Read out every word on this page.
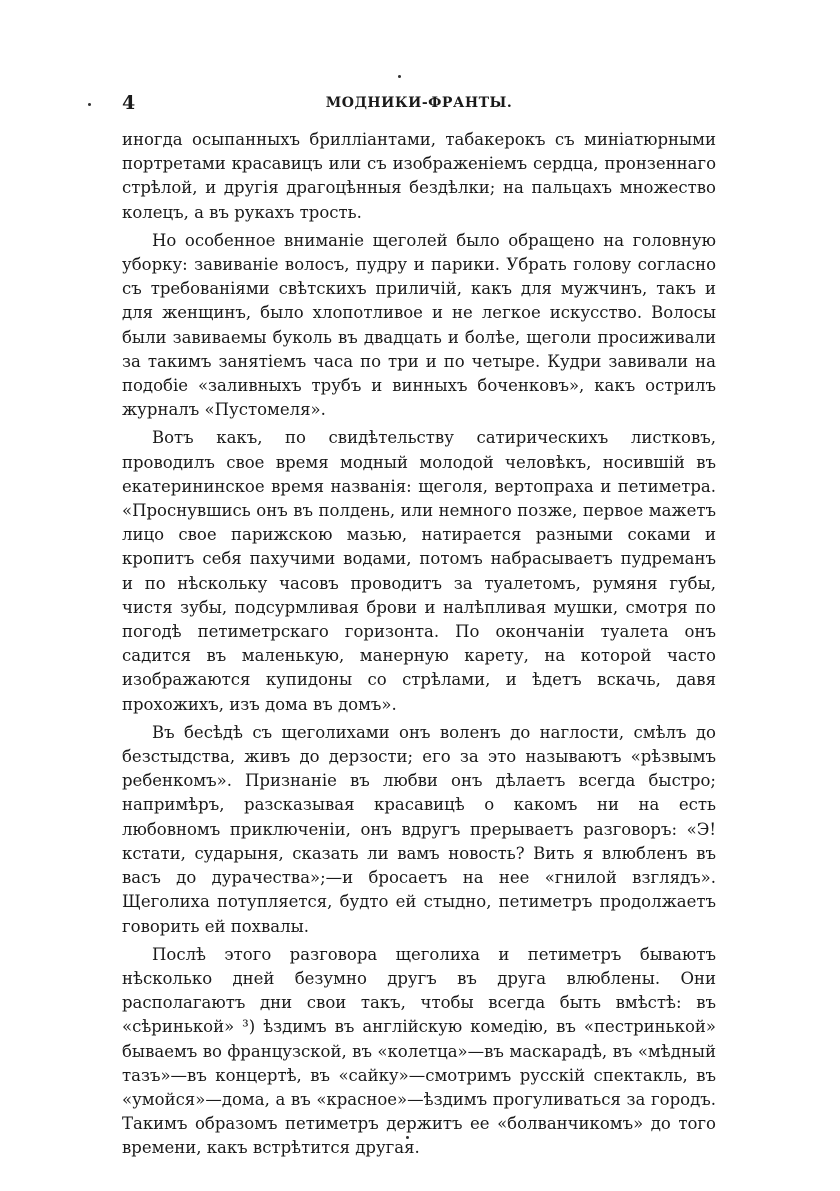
4	МОДНИКИ-ФРАНТЫ.

иногда осыпанныхъ брилліантами, табакерокъ съ миніатюрными портретами красавицъ или съ изображеніемъ сердца, пронзеннаго стрѣлой, и другія драгоцѣнныя бездѣлки; на пальцахъ множество колецъ, а въ рукахъ трость.

Но особенное вниманіе щеголей было обращено на головную уборку: завиваніе волосъ, пудру и парики. Убрать голову согласно съ требованіями свѣтскихъ приличій, какъ для мужчинъ, такъ и для женщинъ, было хлопотливое и не легкое искусство. Волосы были завиваемы буколь въ двадцать и болѣе, щеголи просиживали за такимъ занятіемъ часа по три и по четыре. Кудри завивали на подобіе «заливныхъ трубъ и винныхъ боченковъ», какъ острилъ журналъ «Пустомеля».

Вотъ какъ, по свидѣтельству сатирическихъ листковъ, проводилъ свое время модный молодой человѣкъ, носившій въ екатерининское время названія: щеголя, вертопраха и петиметра. «Проснувшись онъ въ полдень, или немного позже, первое мажетъ лицо свое парижскою мазью, натирается разными соками и кропитъ себя пахучими водами, потомъ набрасываетъ пудреманъ и по нѣскольку часовъ проводитъ за туалетомъ, румяня губы, чистя зубы, подсурмливая брови и налѣпливая мушки, смотря по погодѣ петиметрскаго горизонта. По окончаніи туалета онъ садится въ маленькую, манерную карету, на которой часто изображаются купидоны со стрѣлами, и ѣдетъ вскачь, давя прохожихъ, изъ дома въ домъ».

Въ бесѣдѣ съ щеголихами онъ воленъ до наглости, смѣлъ до безстыдства, живъ до дерзости; его за это называютъ «рѣзвымъ ребенкомъ». Признаніе въ любви онъ дѣлаетъ всегда быстро; напримѣръ, разсказывая красавицѣ о какомъ ни на есть любовномъ приключеніи, онъ вдругъ прерываетъ разговоръ: «Э! кстати, сударыня, сказать ли вамъ новость? Вить я влюбленъ въ васъ до дурачества»;—и бросаетъ на нее «гнилой взглядъ». Щеголиха потупляется, будто ей стыдно, петиметръ продолжаетъ говорить ей похвалы.

Послѣ этого разговора щеголиха и петиметръ бываютъ нѣсколько дней безумно другъ въ друга влюблены. Они располагаютъ дни свои такъ, чтобы всегда быть вмѣстѣ: въ «сѣринькой» ³) ѣздимъ въ англійскую комедію, въ «пестринькой» бываемъ во французской, въ «колетца»—въ маскарадѣ, въ «мѣдный тазъ»—въ концертѣ, въ «сайку»—смотримъ русскій спектакль, въ «умойся»—дома, а въ «красное»—ѣздимъ прогуливаться за городъ. Такимъ образомъ петиметръ держитъ ее «болванчикомъ» до того времени, какъ встрѣтится другая.
